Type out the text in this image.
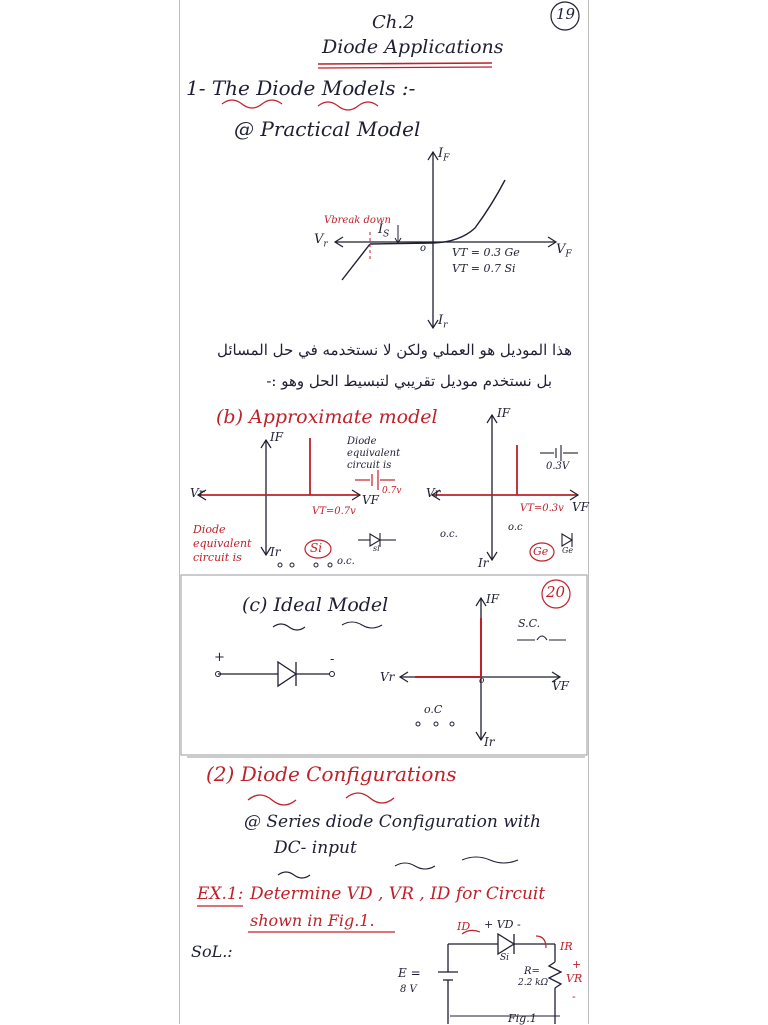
19
Ch.2
Diode Applications
1- The Diode Models :-
@ Practical Model
$I_F$
$V_r$	$V_F$
$I_r$
Vbreak down
$I_S$
o VT = 0.3 Ge
VT = 0.7 Si
هذا الموديل هو العملي ولكن لا نستخدمه في حل المسائل
بل نستخدم موديل تقريبي لتبسيط الحل وهو :-
(b) Approximate model
IF
Vr	VF
Ir
VT=0.7v
Diode equivalent circuit is
0.7v
Diode equivalent circuit is	o.c.
Si	si
IF
Vr
VF
Ir
VT=0.3v
0.3V
o.c.
o.c
Ge Ge
(c) Ideal Model
20
+	-
IF
Vr
VF
Ir
o
S.C.
o.C
(2) Diode Configurations
@ Series diode Configuration with
DC- input
EX.1: Determine VD , VR , ID for Circuit
shown in Fig.1.
SoL.:
ID + VD -
Si
IR
E =
8 V
R=
2.2 kΩ VR
+
-
Fig.1
